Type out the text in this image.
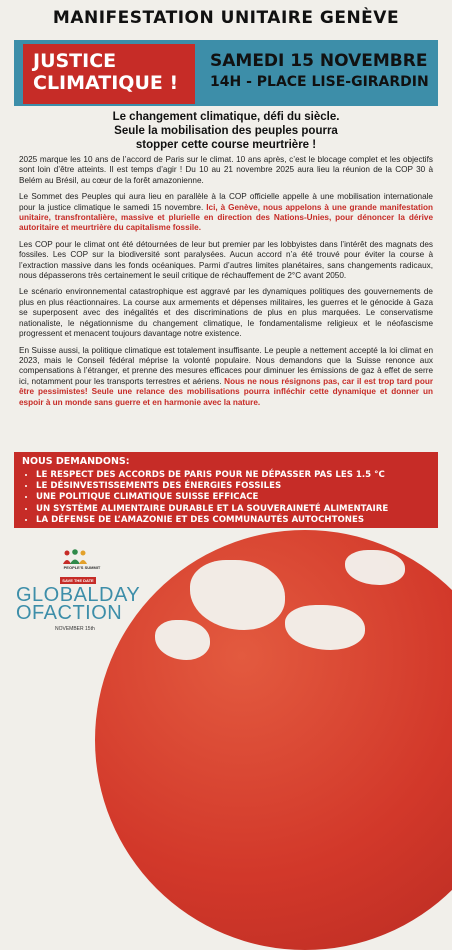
MANIFESTATION UNITAIRE GENÈVE
JUSTICE
CLIMATIQUE !
SAMEDI 15 NOVEMBRE
14H - PLACE LISE-GIRARDIN
Le changement climatique, défi du siècle.
Seule la mobilisation des peuples pourra
stopper cette course meurtrière !

2025 marque les 10 ans de l’accord de Paris sur le climat. 10 ans après, c’est le blocage complet et les objectifs sont loin d’être atteints. Il est temps d’agir ! Du 10 au 21 novembre 2025 aura lieu la réunion de la COP 30 à Belém au Brésil, au cœur de la forêt amazonienne.

Le Sommet des Peuples qui aura lieu en parallèle à la COP officielle appelle à une mobilisation internationale pour la justice climatique le samedi 15 novembre. Ici, à Genève, nous appelons à une grande manifestation unitaire, transfrontalière, massive et plurielle en direction des Nations-Unies, pour dénoncer la dérive autoritaire et meurtrière du capitalisme fossile.

Les COP pour le climat ont été détournées de leur but premier par les lobbyistes dans l’intérêt des magnats des fossiles. Les COP sur la biodiversité sont paralysées. Aucun accord n’a été trouvé pour éviter la course à l’extraction massive dans les fonds océaniques. Parmi d’autres limites planétaires, sans changements radicaux, nous dépasserons très certainement le seuil critique de réchauffement de 2°C avant 2050.

Le scénario environnemental catastrophique est aggravé par les dynamiques politiques des gouvernements de plus en plus réactionnaires. La course aux armements et dépenses militaires, les guerres et le génocide à Gaza se superposent avec des inégalités et des discriminations de plus en plus marquées. Le conservatisme nationaliste, le négationnisme du changement climatique, le fondamentalisme religieux et le néofascisme progressent et menacent toujours davantage notre existence.

En Suisse aussi, la politique climatique est totalement insuffisante. Le peuple a nettement accepté la loi climat en 2023, mais le Conseil fédéral méprise la volonté populaire. Nous demandons que la Suisse renonce aux compensations à l’étranger, et prenne des mesures efficaces pour diminuer les émissions de gaz à effet de serre ici, notamment pour les transports terrestres et aériens. Nous ne nous résignons pas, car il est trop tard pour être pessimistes! Seule une relance des mobilisations pourra infléchir cette dynamique et donner un espoir à un monde sans guerre et en harmonie avec la nature.

NOUS DEMANDONS:
• LE RESPECT DES ACCORDS DE PARIS POUR NE DÉPASSER PAS LES 1.5 °C
• LE DÉSINVESTISSEMENTS DES ÉNERGIES FOSSILES
• UNE POLITIQUE CLIMATIQUE SUISSE EFFICACE
• UN SYSTÈME ALIMENTAIRE DURABLE ET LA SOUVERAINETÉ ALIMENTAIRE
• LA DÉFENSE DE L’AMAZONIE ET DES COMMUNAUTÉS AUTOCHTONES
PEOPLE'S SUMMIT
SAVE THE DATE
GLOBALDAY
OFACTION
NOVEMBER 15th
